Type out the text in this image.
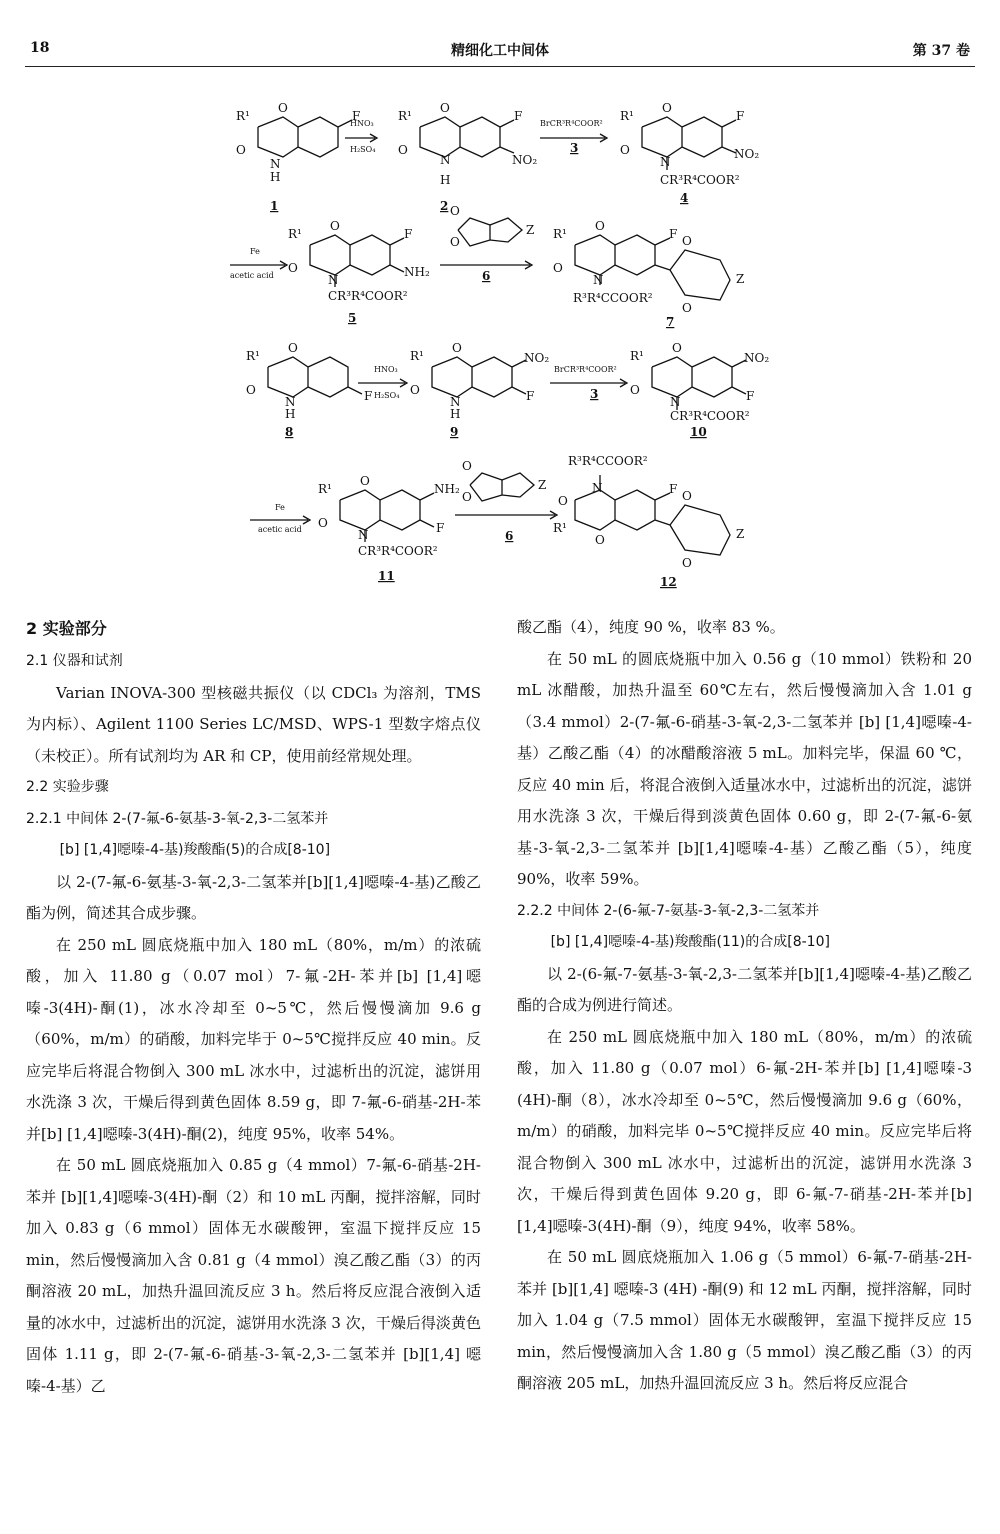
18	精细化工中间体	第 37 卷
R¹
O
F
O
N
H
1
HNO₃
H₂SO₄
R¹
O
F
NO₂
O
N
H
2
BrCR³R⁴COOR²
3
R¹
O
F
NO₂
O
N
CR³R⁴COOR²
4
Fe
acetic acid
R¹
O
F
NH₂
O
N
CR³R⁴COOR²
5
O
O
Z
6
R¹
O
F O
O
Z
O
N
R³R⁴CCOOR²
7
R¹
O
F
O
N
H
8
HNO₃
H₂SO₄
R¹
O
NO₂
F
O
N
H
9
BrCR³R⁴COOR²
3
R¹
O
NO₂
F
O
N
CR³R⁴COOR²
10
Fe
acetic acid
R¹
O
NH₂
F
O
N
CR³R⁴COOR²
11
O
O
Z
6
R³R⁴CCOOR²
O
N	F
R¹
O
O
O
Z
12

2 实验部分

2.1 仪器和试剂

Varian INOVA-300 型核磁共振仪（以 CDCl₃ 为溶剂，TMS 为内标）、Agilent 1100 Series LC/MSD、WPS-1 型数字熔点仪（未校正）。所有试剂均为 AR 和 CP，使用前经常规处理。

2.2 实验步骤

2.2.1 中间体 2-(7-氟-6-氨基-3-氧-2,3-二氢苯并

[b] [1,4]噁嗪-4-基)羧酸酯(5)的合成[8-10]

以 2-(7-氟-6-氨基-3-氧-2,3-二氢苯并[b][1,4]噁嗪-4-基)乙酸乙酯为例，简述其合成步骤。

在 250 mL 圆底烧瓶中加入 180 mL（80%，m/m）的浓硫酸，加入 11.80 g（0.07 mol）7-氟-2H-苯并[b] [1,4]噁嗪-3(4H)-酮(1)，冰水冷却至 0~5℃，然后慢慢滴加 9.6 g（60%，m/m）的硝酸，加料完毕于 0~5℃搅拌反应 40 min。反应完毕后将混合物倒入 300 mL 冰水中，过滤析出的沉淀，滤饼用水洗涤 3 次，干燥后得到黄色固体 8.59 g，即 7-氟-6-硝基-2H-苯并[b] [1,4]噁嗪-3(4H)-酮(2)，纯度 95%，收率 54%。

在 50 mL 圆底烧瓶加入 0.85 g（4 mmol）7-氟-6-硝基-2H-苯并 [b][1,4]噁嗪-3(4H)-酮（2）和 10 mL 丙酮，搅拌溶解，同时加入 0.83 g（6 mmol）固体无水碳酸钾，室温下搅拌反应 15 min，然后慢慢滴加入含 0.81 g（4 mmol）溴乙酸乙酯（3）的丙酮溶液 20 mL，加热升温回流反应 3 h。然后将反应混合液倒入适量的冰水中，过滤析出的沉淀，滤饼用水洗涤 3 次，干燥后得淡黄色固体 1.11 g，即 2-(7-氟-6-硝基-3-氧-2,3-二氢苯并 [b][1,4] 噁嗪-4-基）乙

酸乙酯（4），纯度 90 %，收率 83 %。

在 50 mL 的圆底烧瓶中加入 0.56 g（10 mmol）铁粉和 20 mL 冰醋酸，加热升温至 60℃左右，然后慢慢滴加入含 1.01 g（3.4 mmol）2-(7-氟-6-硝基-3-氧-2,3-二氢苯并 [b] [1,4]噁嗪-4-基）乙酸乙酯（4）的冰醋酸溶液 5 mL。加料完毕，保温 60 ℃，反应 40 min 后，将混合液倒入适量冰水中，过滤析出的沉淀，滤饼用水洗涤 3 次，干燥后得到淡黄色固体 0.60 g，即 2-(7-氟-6-氨基-3-氧-2,3-二氢苯并 [b][1,4]噁嗪-4-基）乙酸乙酯（5），纯度 90%，收率 59%。

2.2.2 中间体 2-(6-氟-7-氨基-3-氧-2,3-二氢苯并

[b] [1,4]噁嗪-4-基)羧酸酯(11)的合成[8-10]

以 2-(6-氟-7-氨基-3-氧-2,3-二氢苯并[b][1,4]噁嗪-4-基)乙酸乙酯的合成为例进行简述。

在 250 mL 圆底烧瓶中加入 180 mL（80%，m/m）的浓硫酸，加入 11.80 g（0.07 mol）6-氟-2H-苯并[b] [1,4]噁嗪-3 (4H)-酮（8），冰水冷却至 0~5℃，然后慢慢滴加 9.6 g（60%，m/m）的硝酸，加料完毕 0~5℃搅拌反应 40 min。反应完毕后将混合物倒入 300 mL 冰水中，过滤析出的沉淀，滤饼用水洗涤 3 次，干燥后得到黄色固体 9.20 g，即 6-氟-7-硝基-2H-苯并[b] [1,4]噁嗪-3(4H)-酮（9），纯度 94%，收率 58%。

在 50 mL 圆底烧瓶加入 1.06 g（5 mmol）6-氟-7-硝基-2H-苯并 [b][1,4] 噁嗪-3 (4H) -酮(9) 和 12 mL 丙酮，搅拌溶解，同时加入 1.04 g（7.5 mmol）固体无水碳酸钾，室温下搅拌反应 15 min，然后慢慢滴加入含 1.80 g（5 mmol）溴乙酸乙酯（3）的丙酮溶液 205 mL，加热升温回流反应 3 h。然后将反应混合
